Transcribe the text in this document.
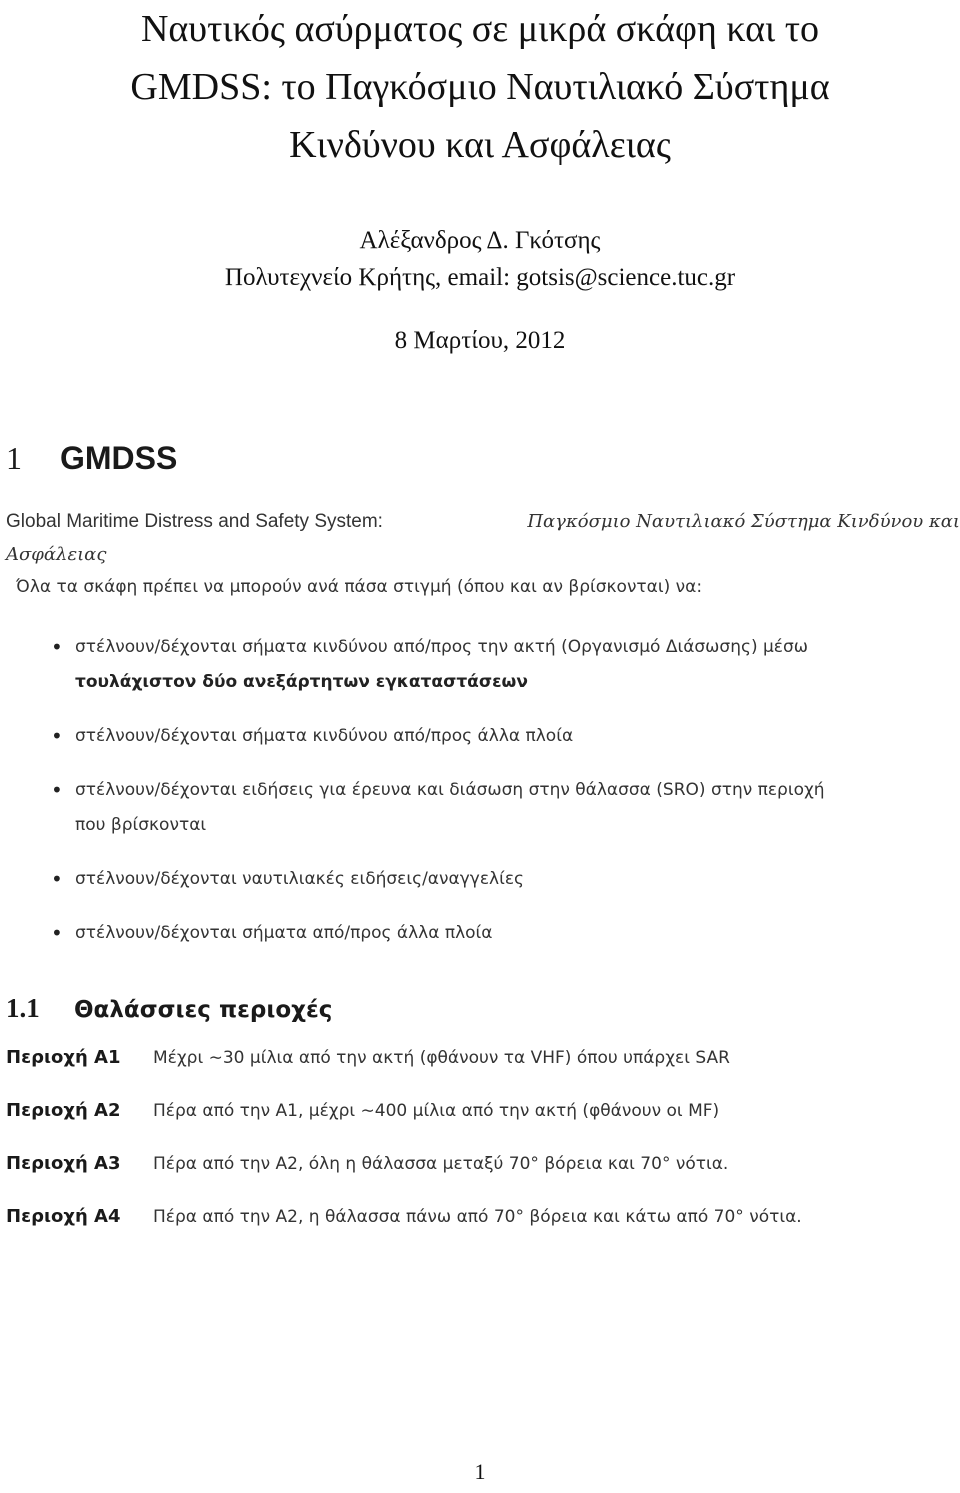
Ναυτικός ασύρματος σε μικρά σκάφη και το
GMDSS: το Παγκόσμιο Ναυτιλιακό Σύστημα
Κινδύνου και Ασφάλειας
Αλέξανδρος Δ. Γκότσης
Πολυτεχνείο Κρήτης, email: gotsis@science.tuc.gr
8 Μαρτίου, 2012
1 GMDSS
Global Maritime Distress and Safety System:	Παγκόσμιο Ναυτιλιακό Σύστημα Κινδύνου και
Ασφάλειας
Όλα τα σκάφη πρέπει να μπορούν ανά πάσα στιγμή (όπου και αν βρίσκονται) να:
• στέλνουν/δέχονται σήματα κινδύνου από/προς την ακτή (Οργανισμό Διάσωσης) μέσω
τουλάχιστον δύο ανεξάρτητων εγκαταστάσεων
• στέλνουν/δέχονται σήματα κινδύνου από/προς άλλα πλοία
• στέλνουν/δέχονται ειδήσεις για έρευνα και διάσωση στην θάλασσα (SRO) στην περιοχή
που βρίσκονται
• στέλνουν/δέχονται ναυτιλιακές ειδήσεις/αναγγελίες
• στέλνουν/δέχονται σήματα από/προς άλλα πλοία
1.1 Θαλάσσιες περιοχές
Περιοχή A1 Μέχρι ∼30 μίλια από την ακτή (φθάνουν τα VHF) όπου υπάρχει SAR
Περιοχή A2 Πέρα από την A1, μέχρι ∼400 μίλια από την ακτή (φθάνουν οι MF)
Περιοχή A3 Πέρα από την A2, όλη η θάλασσα μεταξύ 70° βόρεια και 70° νότια.
Περιοχή A4 Πέρα από την A2, η θάλασσα πάνω από 70° βόρεια και κάτω από 70° νότια.
1
